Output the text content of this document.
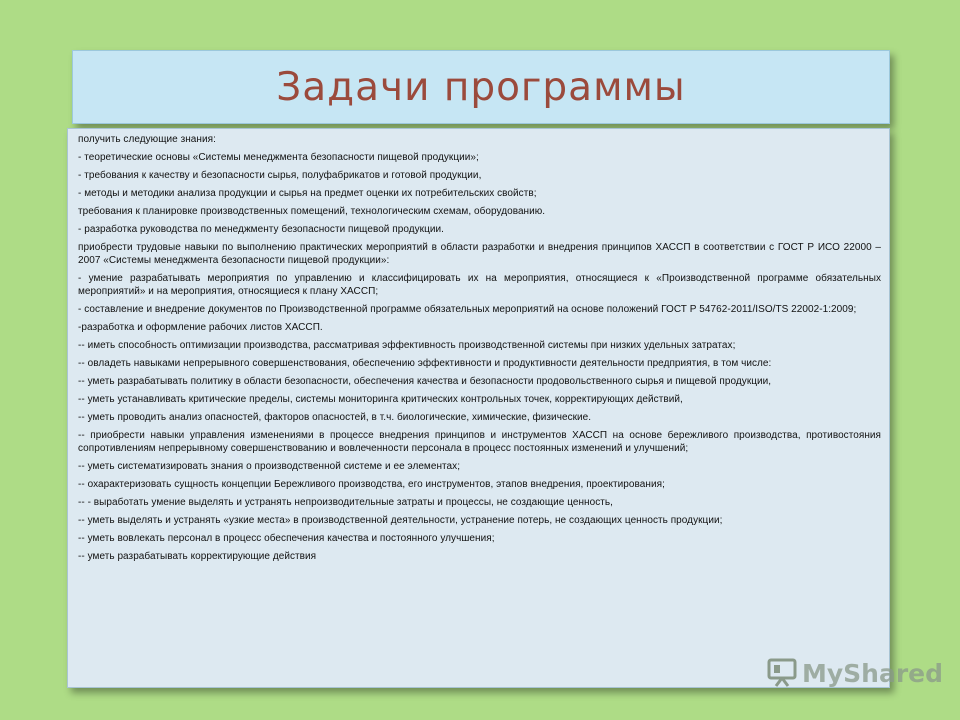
Задачи программы

получить следующие знания:

- теоретические основы «Системы менеджмента безопасности пищевой продукции»;

- требования к качеству и безопасности сырья, полуфабрикатов и готовой продукции,

- методы и методики анализа продукции и сырья на предмет оценки их потребительских свойств;

требования к планировке производственных помещений, технологическим схемам, оборудованию.

- разработка руководства по менеджменту безопасности пищевой продукции.

приобрести трудовые навыки по выполнению практических мероприятий в области разработки и внедрения принципов ХАССП в соответствии с ГОСТ Р ИСО 22000 – 2007 «Системы менеджмента безопасности пищевой продукции»:

- умение разрабатывать мероприятия по управлению и классифицировать их на мероприятия, относящиеся к «Производственной программе обязательных мероприятий» и на мероприятия, относящиеся к плану ХАССП;

- составление и внедрение документов по Производственной программе обязательных мероприятий на основе положений ГОСТ Р 54762-2011/ISO/TS 22002-1:2009;

-разработка и оформление рабочих листов ХАССП.

-- иметь способность оптимизации производства, рассматривая эффективность производственной системы при низких удельных затратах;

-- овладеть навыками непрерывного совершенствования, обеспечению эффективности и продуктивности деятельности предприятия, в том числе:

-- уметь разрабатывать политику в области безопасности, обеспечения качества и безопасности продовольственного сырья и пищевой продукции,

-- уметь устанавливать критические пределы, системы мониторинга критических контрольных точек, корректирующих действий,

-- уметь проводить анализ опасностей, факторов опасностей, в т.ч. биологические, химические, физические.

-- приобрести навыки управления изменениями в процессе внедрения принципов и инструментов ХАССП на основе бережливого производства, противостояния сопротивлениям непрерывному совершенствованию и вовлеченности персонала в процесс постоянных изменений и улучшений;

-- уметь систематизировать знания о производственной системе и ее элементах;

-- охарактеризовать сущность концепции Бережливого производства, его инструментов, этапов внедрения, проектирования;

-- - выработать умение выделять и устранять непроизводительные затраты и процессы, не создающие ценность,

-- уметь выделять и устранять «узкие места» в производственной деятельности, устранение потерь, не создающих ценность продукции;

-- уметь вовлекать персонал в процесс обеспечения качества и постоянного улучшения;

-- уметь разрабатывать корректирующие действия

MyShared
